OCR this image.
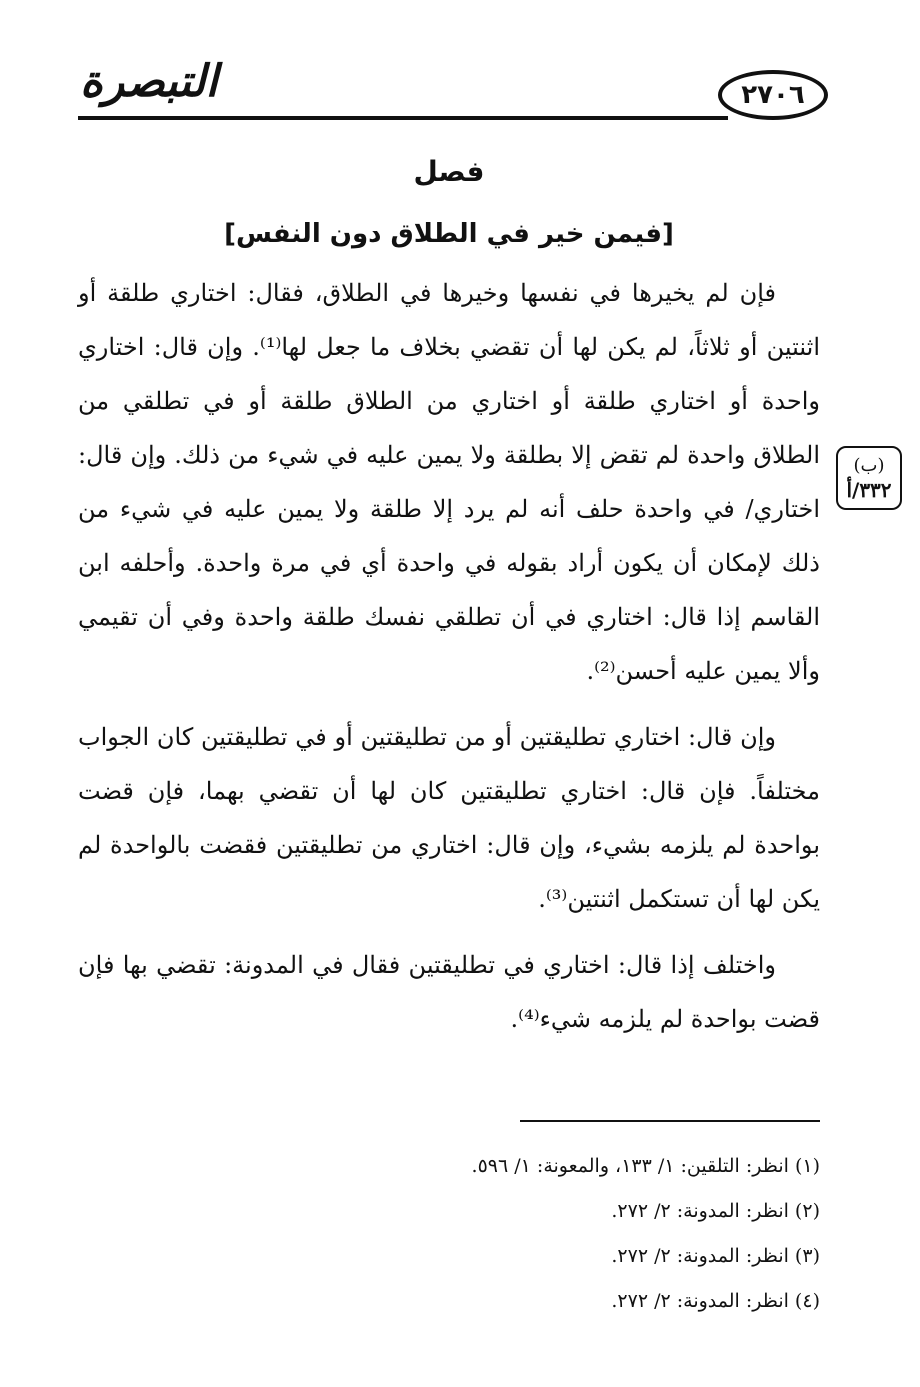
التبصرة	٢٧٠٦
فصل
[فيمن خير في الطلاق دون النفس]

فإن لم يخيرها في نفسها وخيرها في الطلاق، فقال: اختاري طلقة أو اثنتين أو ثلاثاً، لم يكن لها أن تقضي بخلاف ما جعل لها⁽¹⁾. وإن قال: اختاري واحدة أو اختاري طلقة أو اختاري من الطلاق طلقة أو في تطلقي من الطلاق واحدة لم تقض إلا بطلقة ولا يمين عليه في شيء من ذلك. وإن قال: اختاري/ في واحدة حلف أنه لم يرد إلا طلقة ولا يمين عليه في شيء من ذلك لإمكان أن يكون أراد بقوله في واحدة أي في مرة واحدة. وأحلفه ابن القاسم إذا قال: اختاري في أن تطلقي نفسك طلقة واحدة وفي أن تقيمي وألا يمين عليه أحسن⁽²⁾.

وإن قال: اختاري تطليقتين أو من تطليقتين أو في تطليقتين كان الجواب مختلفاً. فإن قال: اختاري تطليقتين كان لها أن تقضي بهما، فإن قضت بواحدة لم يلزمه بشيء، وإن قال: اختاري من تطليقتين فقضت بالواحدة لم يكن لها أن تستكمل اثنتين⁽³⁾.

واختلف إذا قال: اختاري في تطليقتين فقال في المدونة: تقضي بها فإن قضت بواحدة لم يلزمه شيء⁽⁴⁾.

(ب)
٣٣٢/أ
(١) انظر: التلقين: ١/ ١٣٣، والمعونة: ١/ ٥٩٦.
(٢) انظر: المدونة: ٢/ ٢٧٢.
(٣) انظر: المدونة: ٢/ ٢٧٢.
(٤) انظر: المدونة: ٢/ ٢٧٢.
